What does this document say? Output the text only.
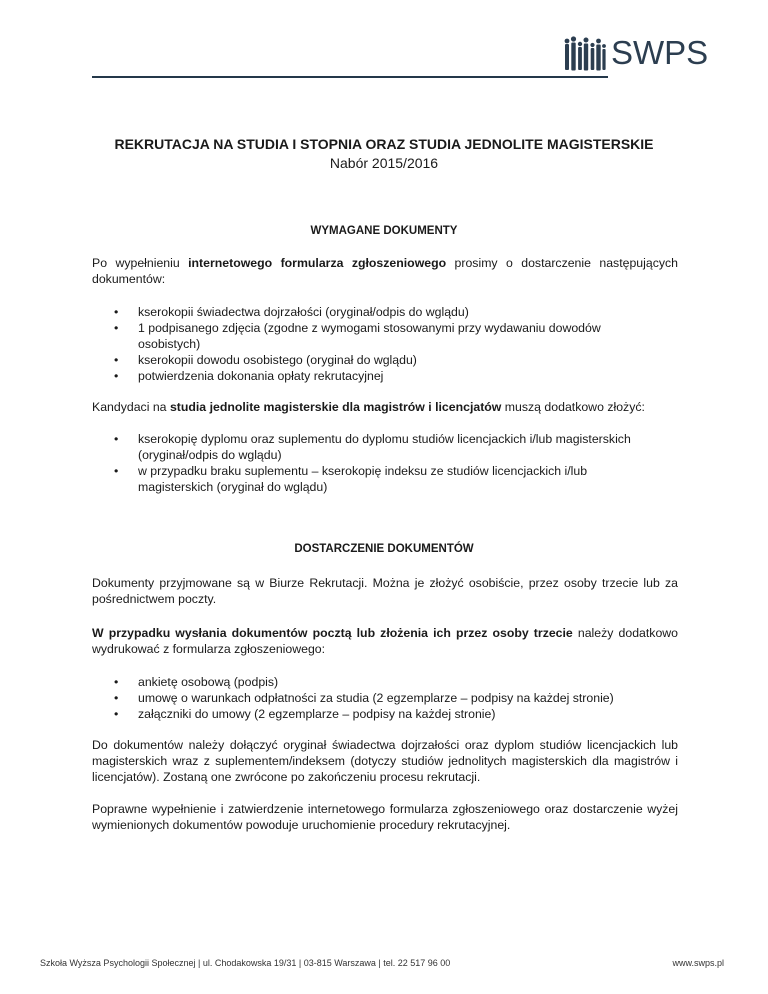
SWPS
REKRUTACJA NA STUDIA I STOPNIA ORAZ STUDIA JEDNOLITE MAGISTERSKIE
Nabór 2015/2016
WYMAGANE DOKUMENTY
Po wypełnieniu internetowego formularza zgłoszeniowego prosimy o dostarczenie następujących dokumentów:
• kserokopii świadectwa dojrzałości (oryginał/odpis do wglądu)
• 1 podpisanego zdjęcia (zgodne z wymogami stosowanymi przy wydawaniu dowodów osobistych)
• kserokopii dowodu osobistego (oryginał do wglądu)
• potwierdzenia dokonania opłaty rekrutacyjnej
Kandydaci na studia jednolite magisterskie dla magistrów i licencjatów muszą dodatkowo złożyć:
• kserokopię dyplomu oraz suplementu do dyplomu studiów licencjackich i/lub magisterskich (oryginał/odpis do wglądu)
• w przypadku braku suplementu – kserokopię indeksu ze studiów licencjackich i/lub magisterskich (oryginał do wglądu)
DOSTARCZENIE DOKUMENTÓW
Dokumenty przyjmowane są w Biurze Rekrutacji. Można je złożyć osobiście, przez osoby trzecie lub za pośrednictwem poczty.
W przypadku wysłania dokumentów pocztą lub złożenia ich przez osoby trzecie należy dodatkowo wydrukować z formularza zgłoszeniowego:
• ankietę osobową (podpis)
• umowę o warunkach odpłatności za studia (2 egzemplarze – podpisy na każdej stronie)
• załączniki do umowy (2 egzemplarze – podpisy na każdej stronie)
Do dokumentów należy dołączyć oryginał świadectwa dojrzałości oraz dyplom studiów licencjackich lub magisterskich wraz z suplementem/indeksem (dotyczy studiów jednolitych magisterskich dla magistrów i licencjatów). Zostaną one zwrócone po zakończeniu procesu rekrutacji.
Poprawne wypełnienie i zatwierdzenie internetowego formularza zgłoszeniowego oraz dostarczenie wyżej wymienionych dokumentów powoduje uruchomienie procedury rekrutacyjnej.
Szkoła Wyższa Psychologii Społecznej | ul. Chodakowska 19/31 | 03-815 Warszawa | tel. 22 517 96 00	www.swps.pl
